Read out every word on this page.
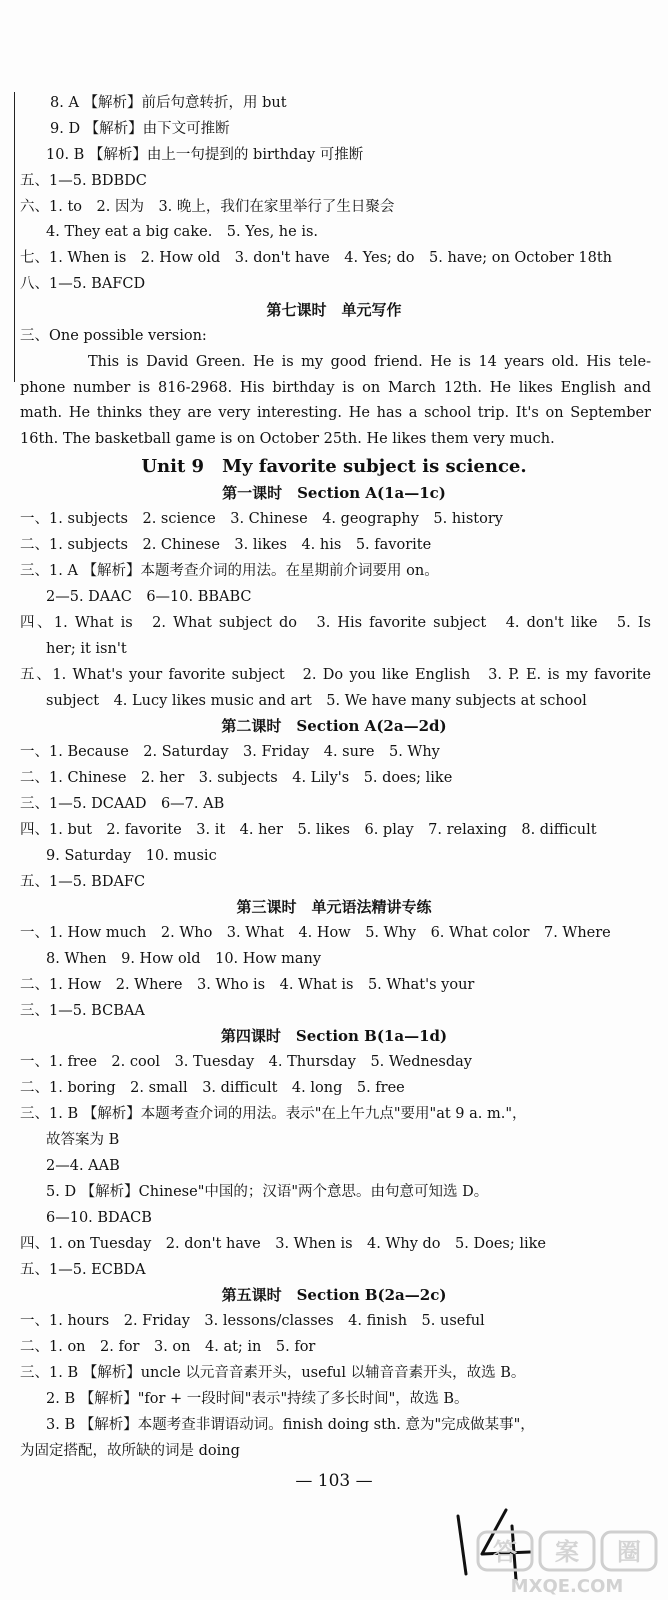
8. A 【解析】前后句意转折，用 but
9. D 【解析】由下文可推断
10. B 【解析】由上一句提到的 birthday 可推断
五、1—5. BDBDC
六、1. to　2. 因为　3. 晚上，我们在家里举行了生日聚会
4. They eat a big cake.　5. Yes, he is.
七、1. When is　2. How old　3. don't have　4. Yes; do　5. have; on October 18th
八、1—5. BAFCD
第七课时　单元写作
三、One possible version:
This is David Green. He is my good friend. He is 14 years old. His tele-
phone number is 816-2968. His birthday is on March 12th. He likes English and
math. He thinks they are very interesting. He has a school trip. It's on September
16th. The basketball game is on October 25th. He likes them very much.
Unit 9　My favorite subject is science.
第一课时　Section A(1a—1c)
一、1. subjects　2. science　3. Chinese　4. geography　5. history
二、1. subjects　2. Chinese　3. likes　4. his　5. favorite
三、1. A 【解析】本题考查介词的用法。在星期前介词要用 on。
2—5. DAAC　6—10. BBABC
四、1. What is　2. What subject do　3. His favorite subject　4. don't like　5. Is
her; it isn't
五、1. What's your favorite subject　2. Do you like English　3. P. E. is my favorite
subject　4. Lucy likes music and art　5. We have many subjects at school
第二课时　Section A(2a—2d)
一、1. Because　2. Saturday　3. Friday　4. sure　5. Why
二、1. Chinese　2. her　3. subjects　4. Lily's　5. does; like
三、1—5. DCAAD　6—7. AB
四、1. but　2. favorite　3. it　4. her　5. likes　6. play　7. relaxing　8. difficult
9. Saturday　10. music
五、1—5. BDAFC
第三课时　单元语法精讲专练
一、1. How much　2. Who　3. What　4. How　5. Why　6. What color　7. Where
8. When　9. How old　10. How many
二、1. How　2. Where　3. Who is　4. What is　5. What's your
三、1—5. BCBAA
第四课时　Section B(1a—1d)
一、1. free　2. cool　3. Tuesday　4. Thursday　5. Wednesday
二、1. boring　2. small　3. difficult　4. long　5. free
三、1. B 【解析】本题考查介词的用法。表示"在上午九点"要用"at 9 a. m."，
故答案为 B
2—4. AAB
5. D 【解析】Chinese"中国的；汉语"两个意思。由句意可知选 D。
6—10. BDACB
四、1. on Tuesday　2. don't have　3. When is　4. Why do　5. Does; like
五、1—5. ECBDA
第五课时　Section B(2a—2c)
一、1. hours　2. Friday　3. lessons/classes　4. finish　5. useful
二、1. on　2. for　3. on　4. at; in　5. for
三、1. B 【解析】uncle 以元音音素开头，useful 以辅音音素开头，故选 B。
2. B 【解析】"for + 一段时间"表示"持续了多长时间"，故选 B。
3. B 【解析】本题考查非谓语动词。finish doing sth. 意为"完成做某事"，
为固定搭配，故所缺的词是 doing
— 103 —
答 案 圈
MXQE.COM
